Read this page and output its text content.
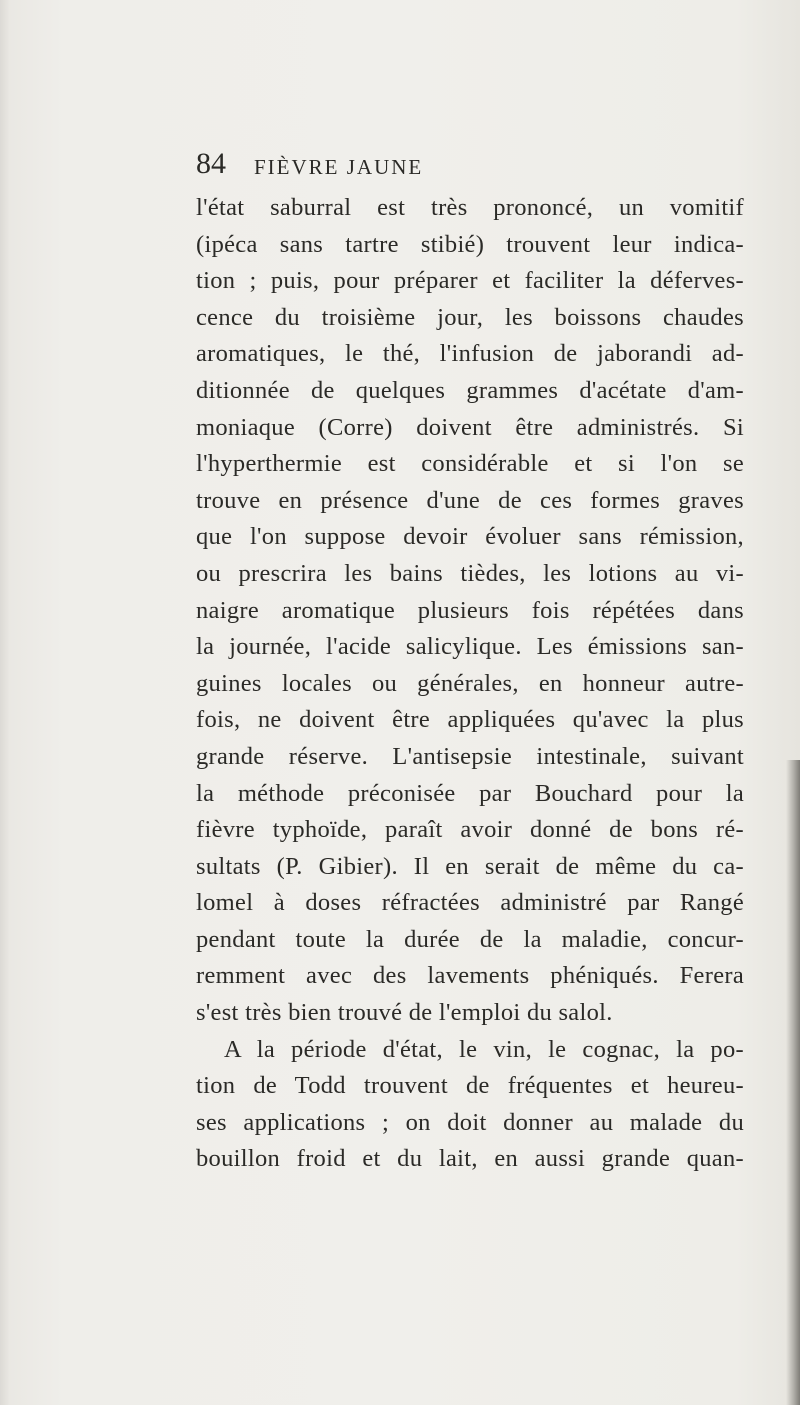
84 FIÈVRE JAUNE
l'état saburral est très prononcé, un vomitif
(ipéca sans tartre stibié) trouvent leur indica-
tion ; puis, pour préparer et faciliter la déferves-
cence du troisième jour, les boissons chaudes
aromatiques, le thé, l'infusion de jaborandi ad-
ditionnée de quelques grammes d'acétate d'am-
moniaque (Corre) doivent être administrés. Si
l'hyperthermie est considérable et si l'on se
trouve en présence d'une de ces formes graves
que l'on suppose devoir évoluer sans rémission,
ou prescrira les bains tièdes, les lotions au vi-
naigre aromatique plusieurs fois répétées dans
la journée, l'acide salicylique. Les émissions san-
guines locales ou générales, en honneur autre-
fois, ne doivent être appliquées qu'avec la plus
grande réserve. L'antisepsie intestinale, suivant
la méthode préconisée par Bouchard pour la
fièvre typhoïde, paraît avoir donné de bons ré-
sultats (P. Gibier). Il en serait de même du ca-
lomel à doses réfractées administré par Rangé
pendant toute la durée de la maladie, concur-
remment avec des lavements phéniqués. Ferera
s'est très bien trouvé de l'emploi du salol.
A la période d'état, le vin, le cognac, la po-
tion de Todd trouvent de fréquentes et heureu-
ses applications ; on doit donner au malade du
bouillon froid et du lait, en aussi grande quan-
